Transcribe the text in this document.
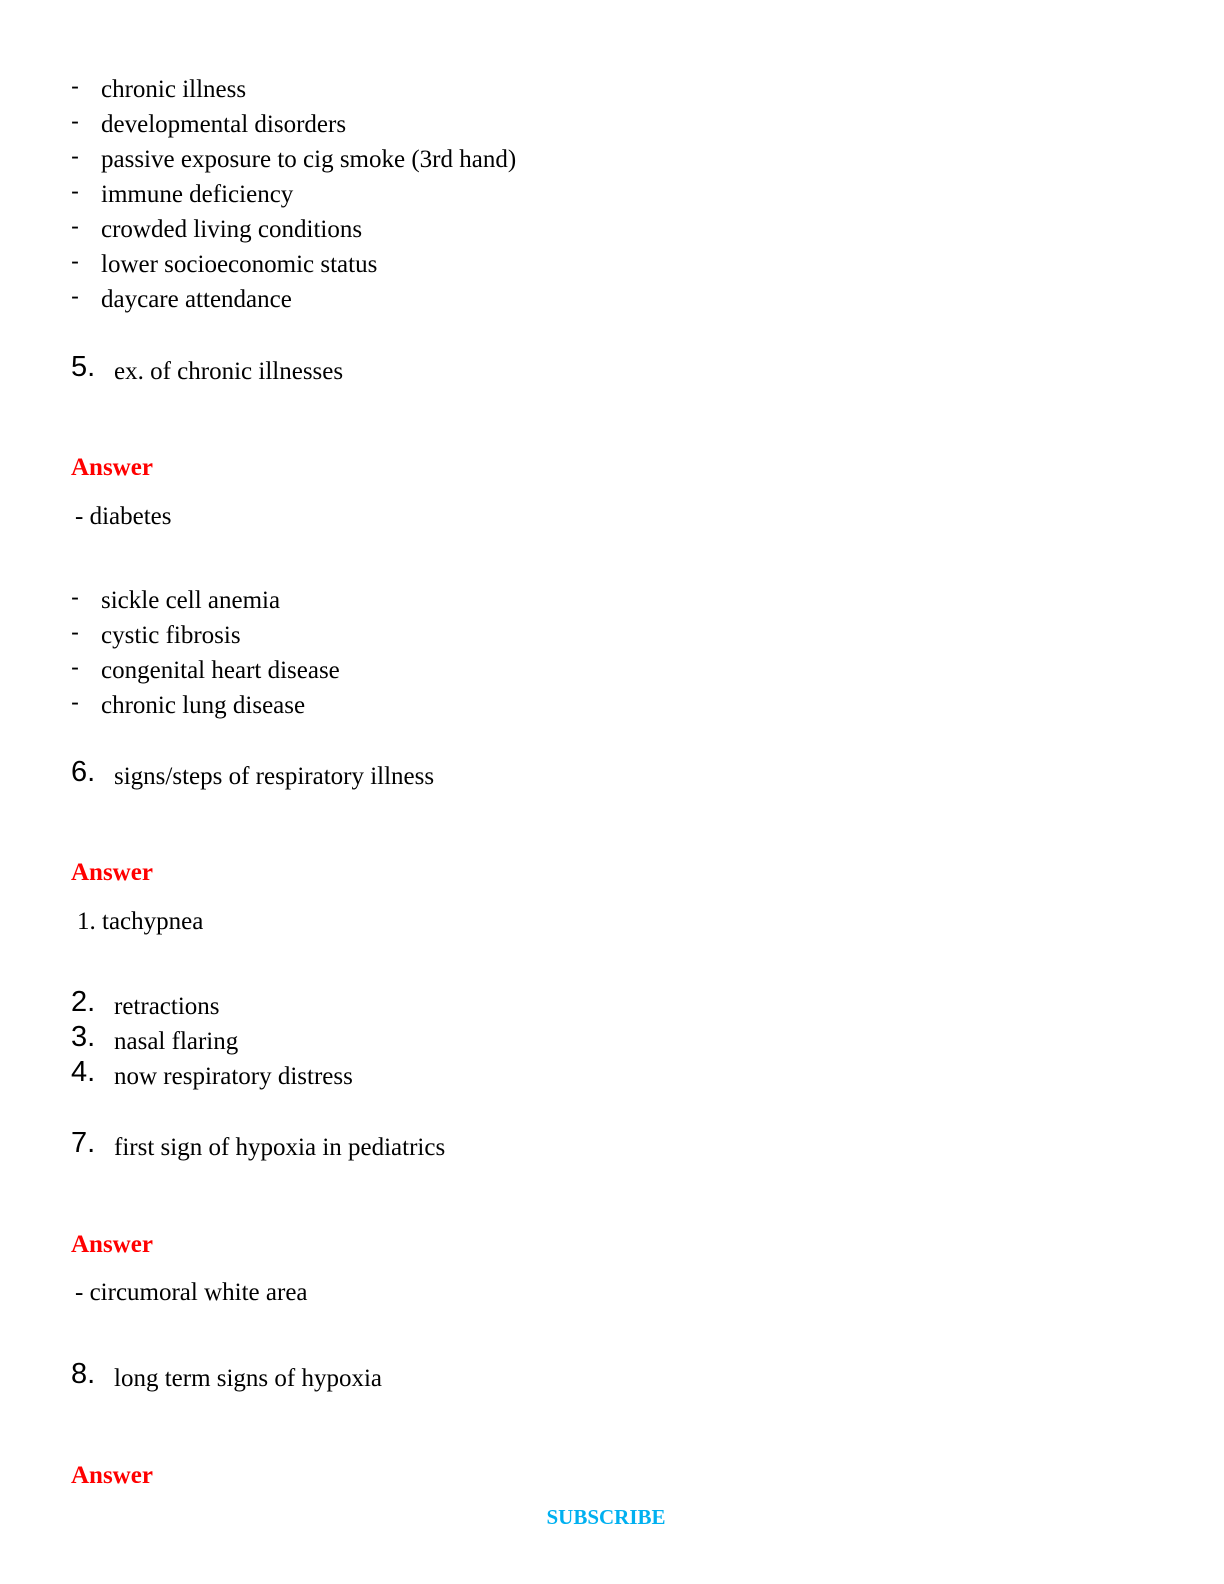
- chronic illness
- developmental disorders
- passive exposure to cig smoke (3rd hand)
- immune deficiency
- crowded living conditions
- lower socioeconomic status
- daycare attendance
5. ex. of chronic illnesses
Answer
- diabetes
- sickle cell anemia
- cystic fibrosis
- congenital heart disease
- chronic lung disease
6. signs/steps of respiratory illness
Answer
1. tachypnea
2. retractions
3. nasal flaring
4. now respiratory distress
7. first sign of hypoxia in pediatrics
Answer
- circumoral white area
8. long term signs of hypoxia
Answer
SUBSCRIBE
